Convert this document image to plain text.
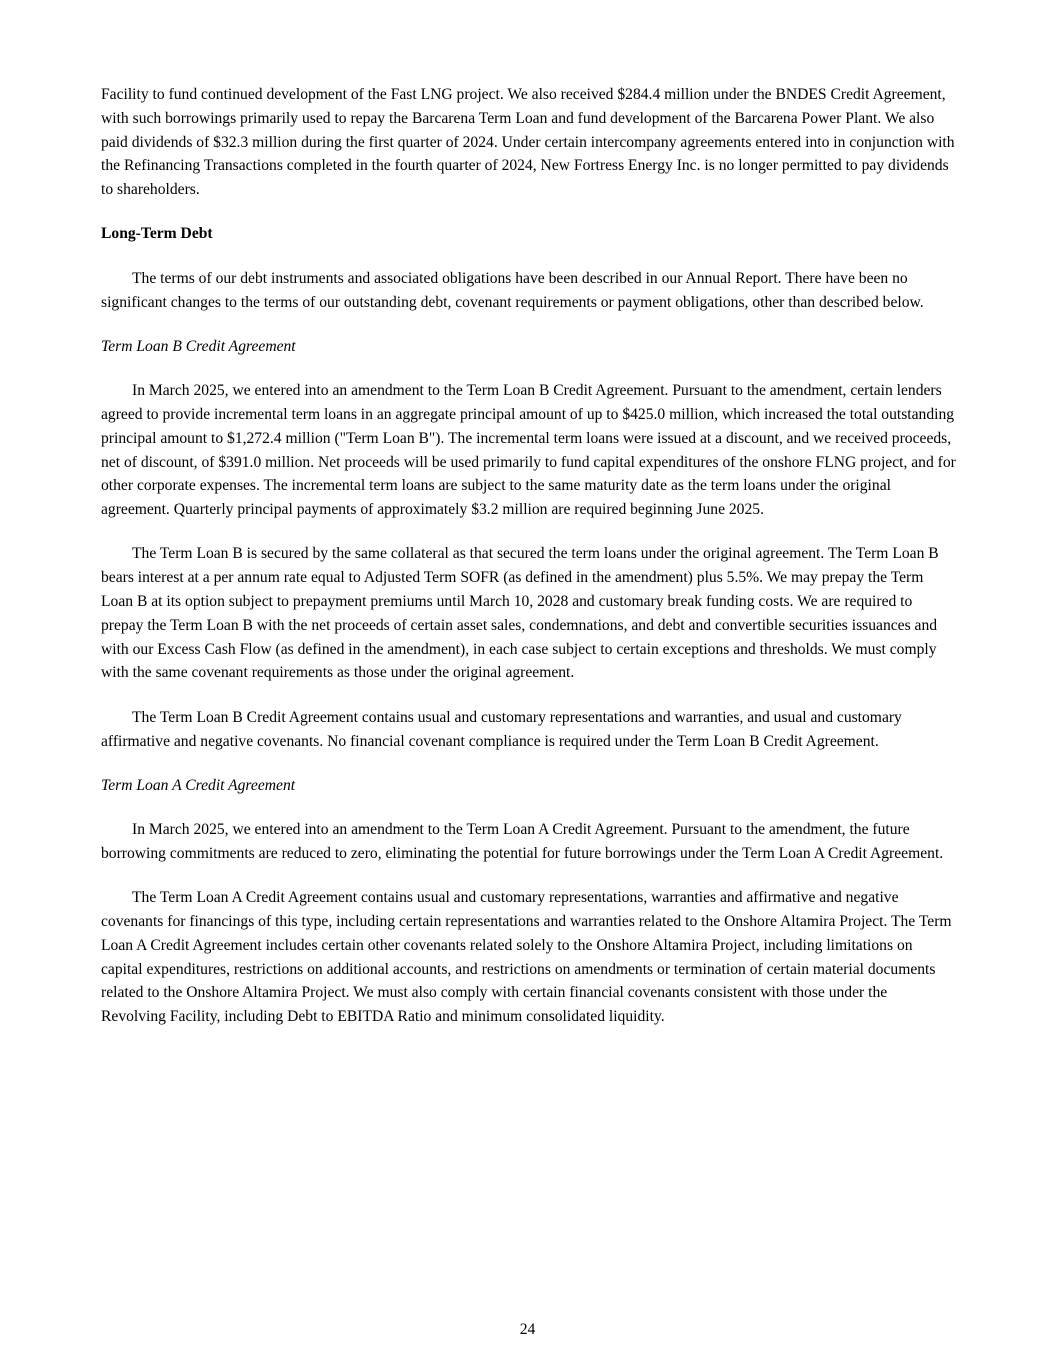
Facility to fund continued development of the Fast LNG project. We also received $284.4 million under the BNDES Credit Agreement, with such borrowings primarily used to repay the Barcarena Term Loan and fund development of the Barcarena Power Plant. We also paid dividends of $32.3 million during the first quarter of 2024. Under certain intercompany agreements entered into in conjunction with the Refinancing Transactions completed in the fourth quarter of 2024, New Fortress Energy Inc. is no longer permitted to pay dividends to shareholders.

Long-Term Debt

The terms of our debt instruments and associated obligations have been described in our Annual Report. There have been no significant changes to the terms of our outstanding debt, covenant requirements or payment obligations, other than described below.

Term Loan B Credit Agreement

In March 2025, we entered into an amendment to the Term Loan B Credit Agreement. Pursuant to the amendment, certain lenders agreed to provide incremental term loans in an aggregate principal amount of up to $425.0 million, which increased the total outstanding principal amount to $1,272.4 million ("Term Loan B"). The incremental term loans were issued at a discount, and we received proceeds, net of discount, of $391.0 million. Net proceeds will be used primarily to fund capital expenditures of the onshore FLNG project, and for other corporate expenses. The incremental term loans are subject to the same maturity date as the term loans under the original agreement. Quarterly principal payments of approximately $3.2 million are required beginning June 2025.

The Term Loan B is secured by the same collateral as that secured the term loans under the original agreement. The Term Loan B bears interest at a per annum rate equal to Adjusted Term SOFR (as defined in the amendment) plus 5.5%. We may prepay the Term Loan B at its option subject to prepayment premiums until March 10, 2028 and customary break funding costs. We are required to prepay the Term Loan B with the net proceeds of certain asset sales, condemnations, and debt and convertible securities issuances and with our Excess Cash Flow (as defined in the amendment), in each case subject to certain exceptions and thresholds. We must comply with the same covenant requirements as those under the original agreement.

The Term Loan B Credit Agreement contains usual and customary representations and warranties, and usual and customary affirmative and negative covenants. No financial covenant compliance is required under the Term Loan B Credit Agreement.

Term Loan A Credit Agreement

In March 2025, we entered into an amendment to the Term Loan A Credit Agreement. Pursuant to the amendment, the future borrowing commitments are reduced to zero, eliminating the potential for future borrowings under the Term Loan A Credit Agreement.

The Term Loan A Credit Agreement contains usual and customary representations, warranties and affirmative and negative covenants for financings of this type, including certain representations and warranties related to the Onshore Altamira Project. The Term Loan A Credit Agreement includes certain other covenants related solely to the Onshore Altamira Project, including limitations on capital expenditures, restrictions on additional accounts, and restrictions on amendments or termination of certain material documents related to the Onshore Altamira Project. We must also comply with certain financial covenants consistent with those under the Revolving Facility, including Debt to EBITDA Ratio and minimum consolidated liquidity.

24
